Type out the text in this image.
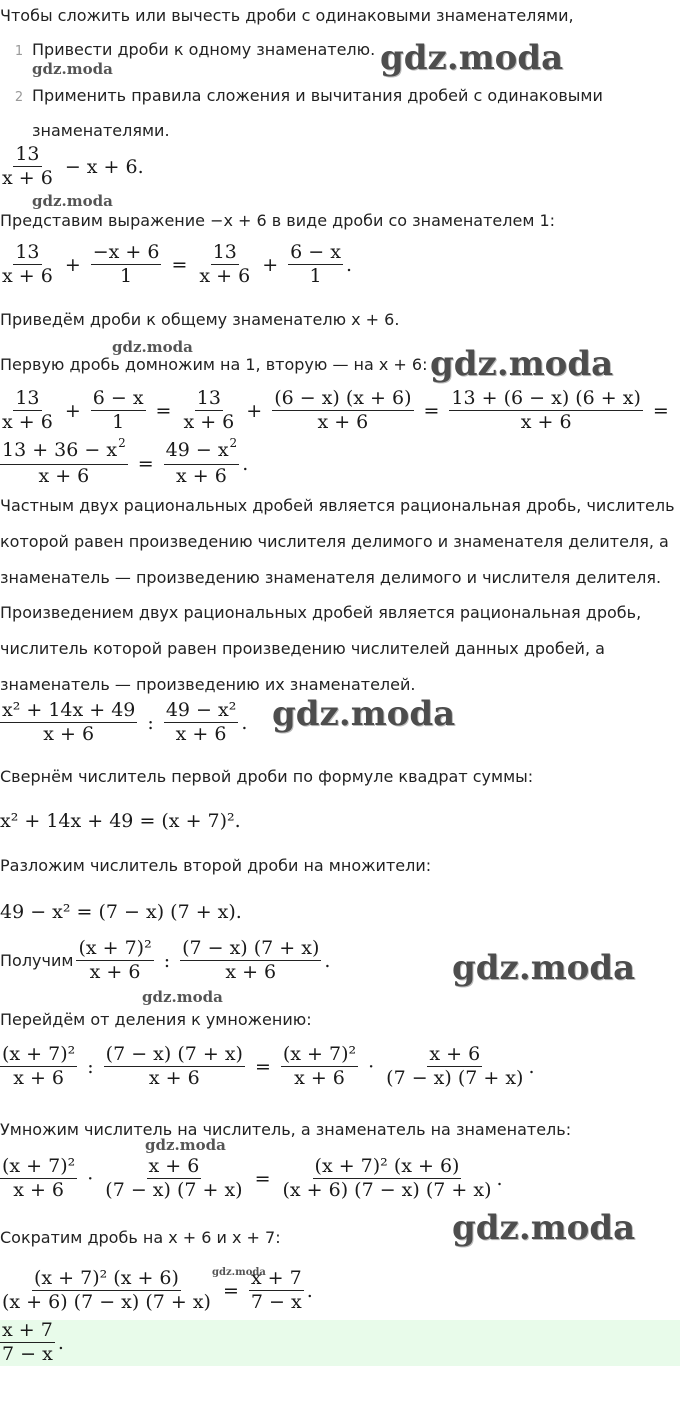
Чтобы сложить или вычесть дроби с одинаковыми знаменателями,
1 Привести дроби к одному знаменателю.
2 Применить правила сложения и вычитания дробей с одинаковыми
знаменателями.
$\frac{13}{x + 6} - x + 6$.
Представим выражение −x + 6 в виде дроби со знаменателем 1:
$\frac{13}{x + 6} + \frac{-x + 6}{1} = \frac{13}{x + 6} + \frac{6 - x}{1}$ .
Приведём дроби к общему знаменателю x + 6.
Первую дробь домножим на 1, вторую — на x + 6:
$\frac{13}{x + 6} + \frac{6 - x}{1} = \frac{13}{x + 6} + \frac{(6 - x) (x + 6)}{x + 6} = \frac{13 + (6 - x) (6 + x)}{x + 6}$ =
$\frac{13 + 36 - x^2}{x + 6} = \frac{49 - x^2}{x + 6}$ .
Частным двух рациональных дробей является рациональная дробь, числитель
которой равен произведению числителя делимого и знаменателя делителя, а
знаменатель — произведению знаменателя делимого и числителя делителя.
Произведением двух рациональных дробей является рациональная дробь,
числитель которой равен произведению числителей данных дробей, а
знаменатель — произведению их знаменателей.
$\frac{\text{x² + 14x + 49}}{x + 6}$ : $\frac{\text{49 − x²}}{x + 6}$ .
Свернём числитель первой дроби по формуле квадрат суммы:
x² + 14x + 49 = (x + 7)².
Разложим числитель второй дроби на множители:
49 − x² = (7 − x) (7 + x).
Получим $\frac{\text{(x + 7)²}}{x + 6}$ : $\frac{(7 - x) (7 + x)}{x + 6}$ .
Перейдём от деления к умножению:
$\frac{\text{(x + 7)²}}{x + 6}$ : $\frac{(7 - x) (7 + x)}{x + 6} = \frac{\text{(x + 7)²}}{x + 6} \cdot \frac{x + 6}{(7 - x) (7 + x)}$ .
Умножим числитель на числитель, а знаменатель на знаменатель:
$\frac{\text{(x + 7)²}}{x + 6} \cdot \frac{x + 6}{(7 - x) (7 + x)} = \frac{\text{(x + 7)² (x + 6)}}{(x + 6) (7 - x) (7 + x)}$ .
Сократим дробь на x + 6 и x + 7:
$\frac{\text{(x + 7)² (x + 6)}}{(x + 6) (7 - x) (7 + x)} = \frac{x + 7}{7 - x}$ .
$\frac{x + 7}{7 - x}$ .
gdz.moda
gdz.moda
gdz.moda
gdz.moda	gdz.moda
gdz.moda
gdz.moda
gdz.moda
gdz.moda
gdz.moda
gdz.moda
